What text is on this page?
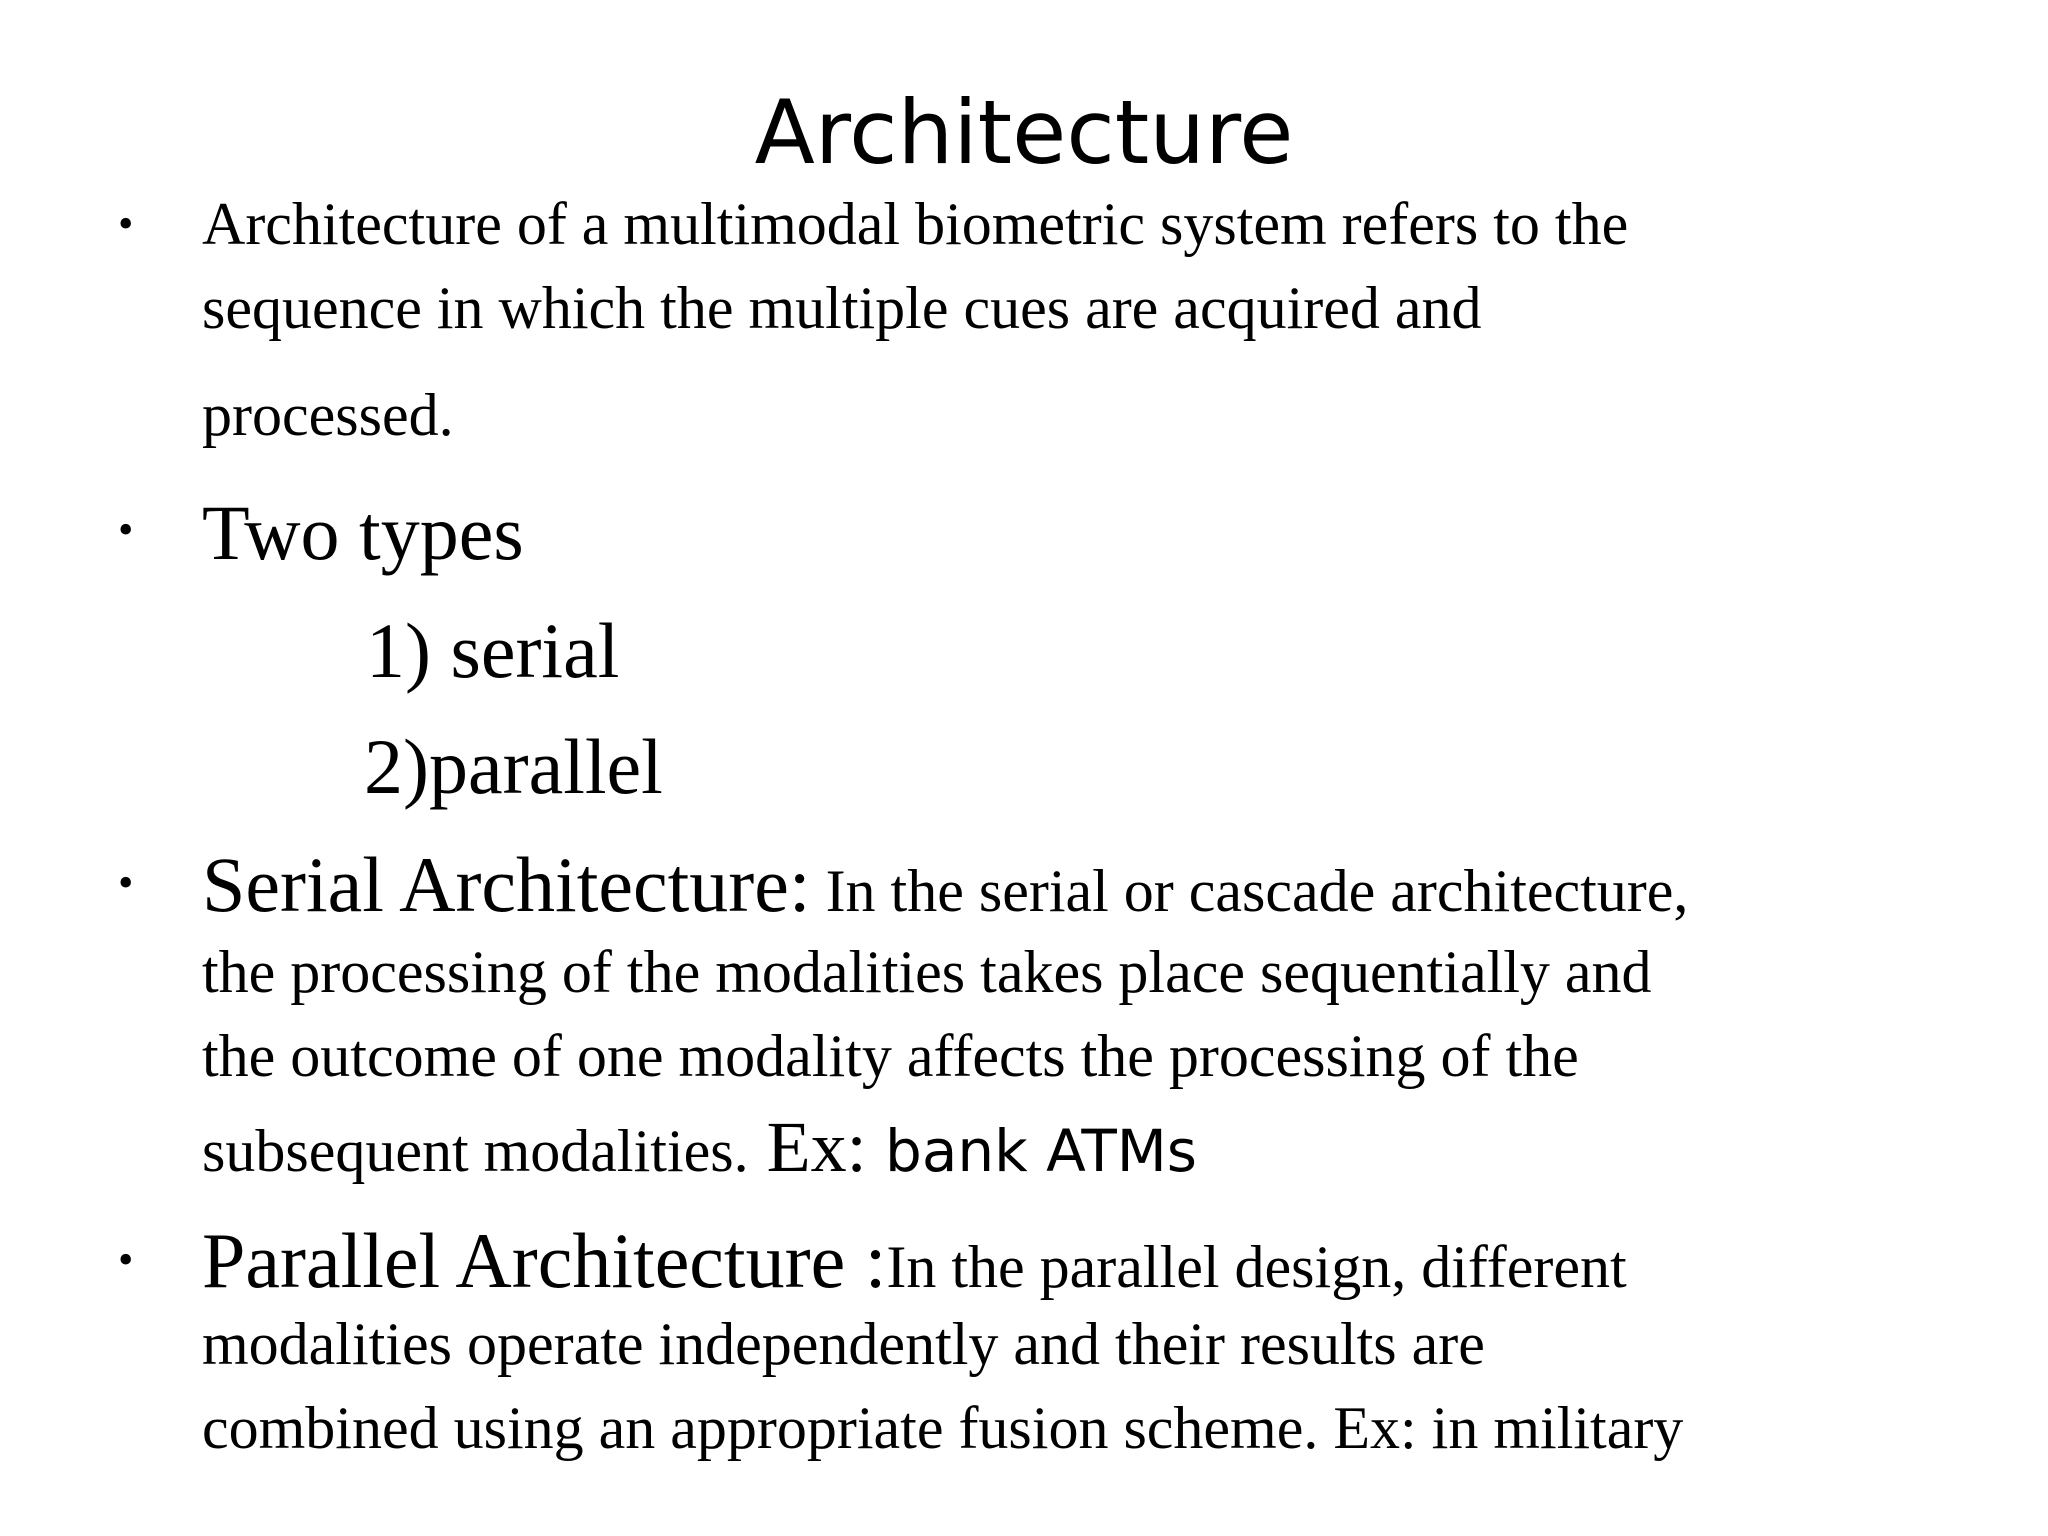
Architecture
• Architecture of a multimodal biometric system refers to the
sequence in which the multiple cues are acquired and
processed.
• Two types
1) serial
2)parallel
• Serial Architecture: In the serial or cascade architecture,
the processing of the modalities takes place sequentially and
the outcome of one modality affects the processing of the
subsequent modalities. Ex: bank ATMs
• Parallel Architecture :In the parallel design, different
modalities operate independently and their results are
combined using an appropriate fusion scheme. Ex: in military
